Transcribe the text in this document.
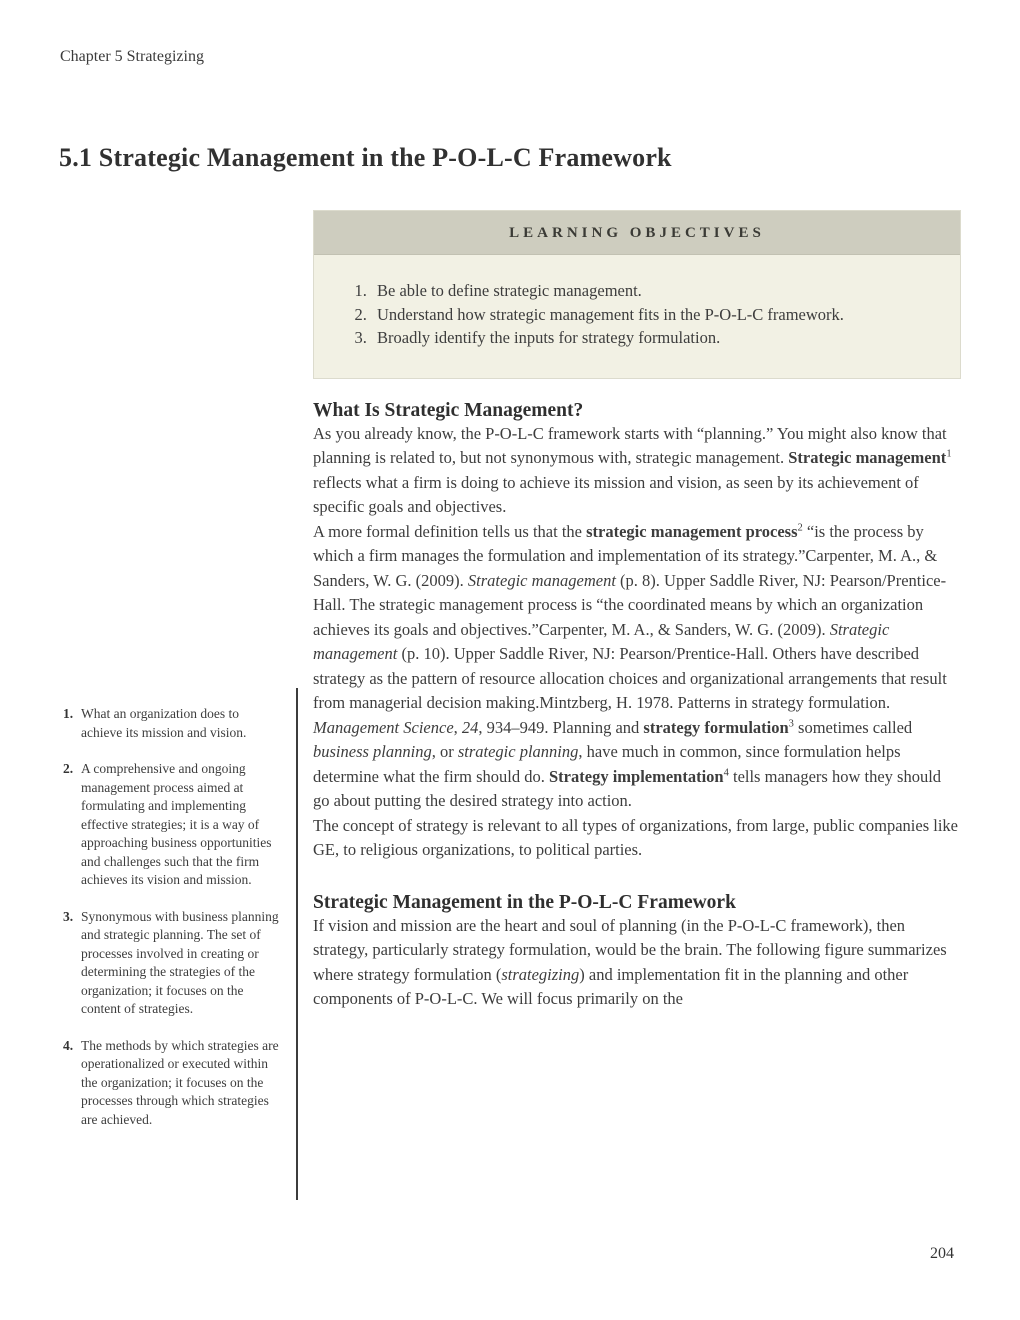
Chapter 5 Strategizing
5.1 Strategic Management in the P-O-L-C Framework
1. What an organization does to achieve its mission and vision.
2. A comprehensive and ongoing management process aimed at formulating and implementing effective strategies; it is a way of approaching business opportunities and challenges such that the firm achieves its vision and mission.
3. Synonymous with business planning and strategic planning. The set of processes involved in creating or determining the strategies of the organization; it focuses on the content of strategies.
4. The methods by which strategies are operationalized or executed within the organization; it focuses on the processes through which strategies are achieved.
LEARNING OBJECTIVES
1. Be able to define strategic management.
2. Understand how strategic management fits in the P-O-L-C framework.
3. Broadly identify the inputs for strategy formulation.
What Is Strategic Management?

As you already know, the P-O-L-C framework starts with “planning.” You might also know that planning is related to, but not synonymous with, strategic management. Strategic management$^1$ reflects what a firm is doing to achieve its mission and vision, as seen by its achievement of specific goals and objectives.

A more formal definition tells us that the strategic management process$^2$ “is the process by which a firm manages the formulation and implementation of its strategy.”Carpenter, M. A., & Sanders, W. G. (2009). Strategic management (p. 8). Upper Saddle River, NJ: Pearson/Prentice-Hall. The strategic management process is “the coordinated means by which an organization achieves its goals and objectives.”Carpenter, M. A., & Sanders, W. G. (2009). Strategic management (p. 10). Upper Saddle River, NJ: Pearson/Prentice-Hall. Others have described strategy as the pattern of resource allocation choices and organizational arrangements that result from managerial decision making.Mintzberg, H. 1978. Patterns in strategy formulation. Management Science, 24, 934–949. Planning and strategy formulation$^3$ sometimes called business planning, or strategic planning, have much in common, since formulation helps determine what the firm should do. Strategy implementation$^4$ tells managers how they should go about putting the desired strategy into action.

The concept of strategy is relevant to all types of organizations, from large, public companies like GE, to religious organizations, to political parties.

Strategic Management in the P-O-L-C Framework

If vision and mission are the heart and soul of planning (in the P-O-L-C framework), then strategy, particularly strategy formulation, would be the brain. The following figure summarizes where strategy formulation (strategizing) and implementation fit in the planning and other components of P-O-L-C. We will focus primarily on the

204
